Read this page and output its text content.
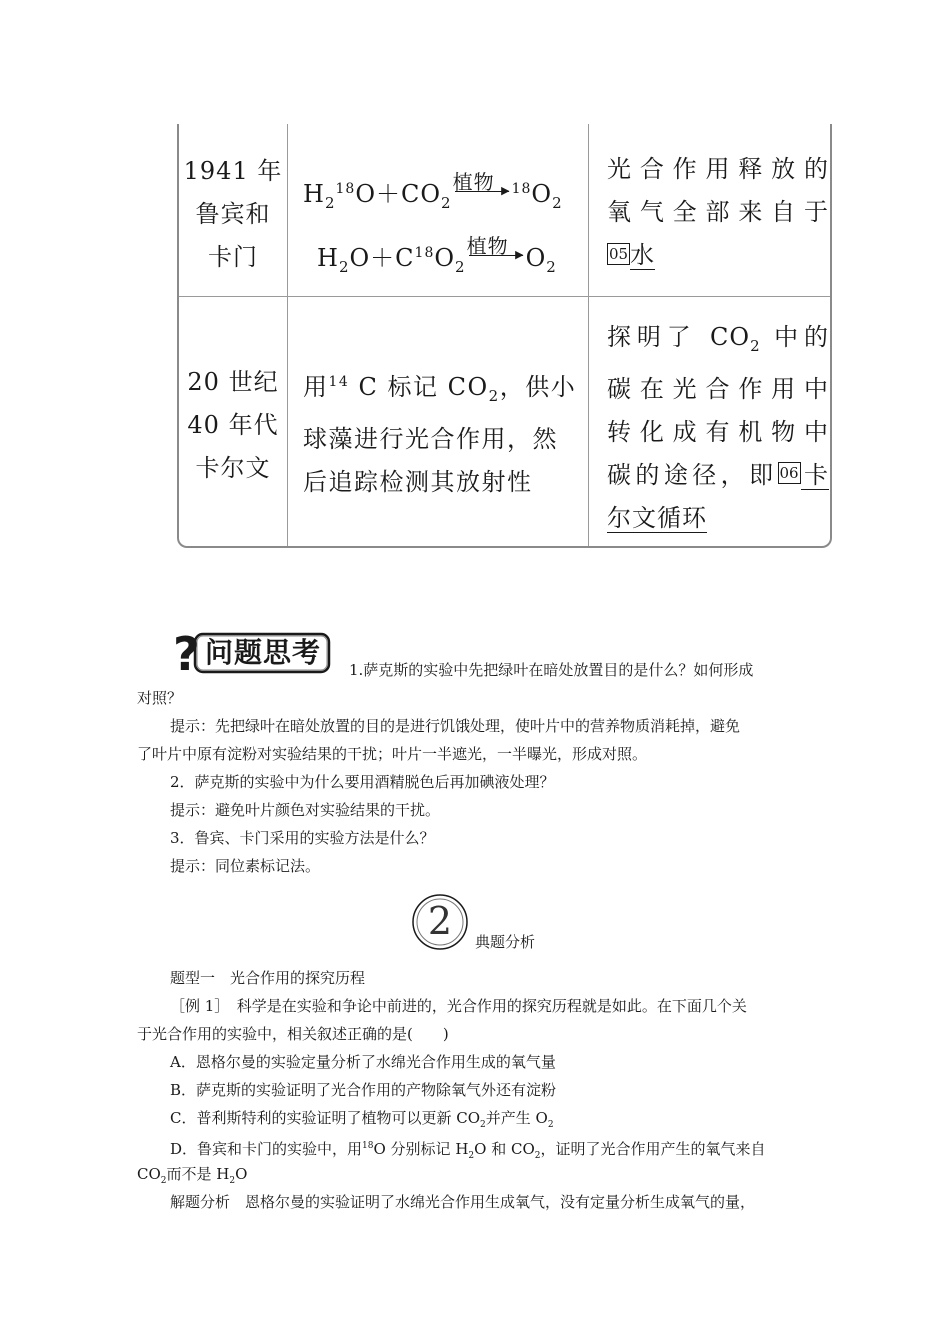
1941 年
鲁宾和
卡门
$H_2^{18}O+CO_2$
植物 ▶ $^{18}O_2$
$H_2O+C^{18}O_2$
植物 ▶ $O_2$
光合作用释放的
氧气全部来自于
05水
20 世纪
40 年代
卡尔文
用$^{14}$ C 标记 $CO_2$，供小
球藻进行光合作用，然
后追踪检测其放射性
探明了 $CO_2$ 中的
碳在光合作用中
转化成有机物中
碳的途径，即 06卡
尔文循环
? 问题思考
1.萨克斯的实验中先把绿叶在暗处放置目的是什么？如何形成
对照？
提示：先把绿叶在暗处放置的目的是进行饥饿处理，使叶片中的营养物质消耗掉，避免
了叶片中原有淀粉对实验结果的干扰；叶片一半遮光，一半曝光，形成对照。
2．萨克斯的实验中为什么要用酒精脱色后再加碘液处理？
提示：避免叶片颜色对实验结果的干扰。
3．鲁宾、卡门采用的实验方法是什么？
提示：同位素标记法。
2	典题分析
题型一　光合作用的探究历程
［例 1］　科学是在实验和争论中前进的，光合作用的探究历程就是如此。在下面几个关
于光合作用的实验中，相关叙述正确的是(　　)
A．恩格尔曼的实验定量分析了水绵光合作用生成的氧气量
B．萨克斯的实验证明了光合作用的产物除氧气外还有淀粉
C．普利斯特利的实验证明了植物可以更新 $CO_2$并产生 $O_2$
D．鲁宾和卡门的实验中，用$^{18}$O 分别标记 $H_2O$ 和 $CO_2$，证明了光合作用产生的氧气来自
$CO_2$而不是 $H_2O$
解题分析　恩格尔曼的实验证明了水绵光合作用生成氧气，没有定量分析生成氧气的量，
